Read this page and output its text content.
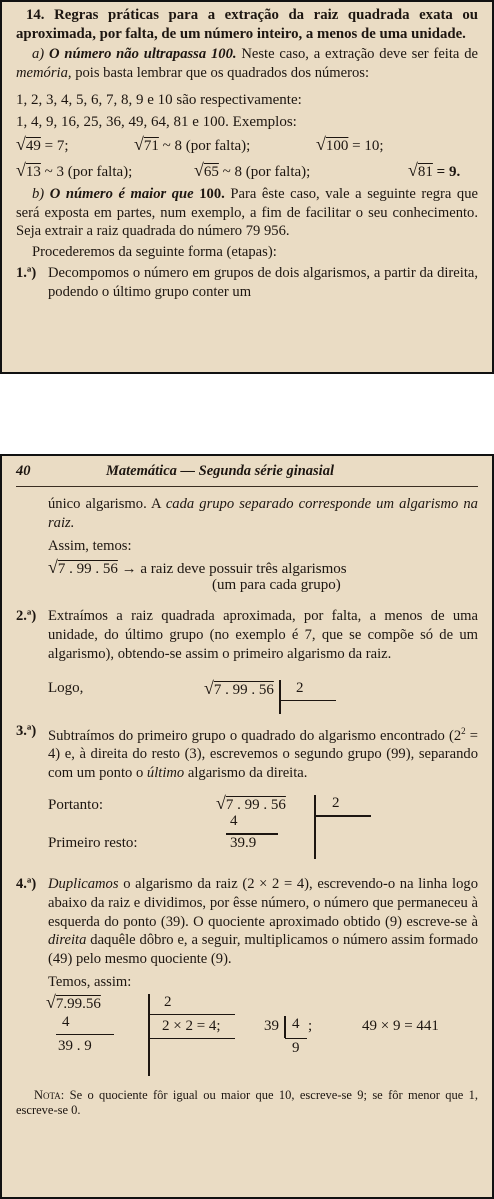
14. Regras práticas para a extração da raiz quadrada exata ou aproximada, por falta, de um número inteiro, a menos de uma unidade.

a) O número não ultrapassa 100. Neste caso, a extração deve ser feita de memória, pois basta lembrar que os quadrados dos números:

1, 2, 3, 4, 5, 6, 7, 8, 9 e 10 são respectivamente:

1, 4, 9, 16, 25, 36, 49, 64, 81 e 100. Exemplos:

√49 = 7;	√71 ~ 8 (por falta);	√100 = 10;
√13 ~ 3 (por falta);	√65 ~ 8 (por falta);	√81 = 9.

b) O número é maior que 100. Para êste caso, vale a seguinte regra que será exposta em partes, num exemplo, a fim de facilitar o seu conhecimento. Seja extrair a raiz quadrada do número 79 956.

Procederemos da seguinte forma (etapas):

1.ª) Decompomos o número em grupos de dois algarismos, a partir da direita, podendo o último grupo conter um
40	Matemática — Segunda série ginasial
único algarismo. A cada grupo separado corresponde um algarismo na raiz.

Assim, temos:

√7 . 99 . 56 → a raiz deve possuir três algarismos
(um para cada grupo)
2.ª) Extraímos a raiz quadrada aproximada, por falta, a menos de uma unidade, do último grupo (no exemplo é 7, que se compõe só de um algarismo), obtendo-se assim o primeiro algarismo da raiz.
Logo,	√7 . 99 . 56 2
3.ª) Subtraímos do primeiro grupo o quadrado do algarismo encontrado $(2^2 = 4)$ e, à direita do resto (3), escrevemos o segundo grupo (99), separando com um ponto o último algarismo da direita.
Portanto:	√7 . 99 . 56	2
4
Primeiro resto:	39.9
4.ª) Duplicamos o algarismo da raiz (2 × 2 = 4), escrevendo-o na linha logo abaixo da raiz e dividimos, por êsse número, o número que permaneceu à esquerda do ponto (39). O quociente aproximado obtido (9) escreve-se à direita daquêle dôbro e, a seguir, multiplicamos o número assim formado (49) pelo mesmo quociente (9).

Temos, assim:

√7.99.56	2
2 × 2 = 4;
4
39 . 9
39 4
9
;	49 × 9 = 441

Nota: Se o quociente fôr igual ou maior que 10, escreve-se 9; se fôr menor que 1, escreve-se 0.
